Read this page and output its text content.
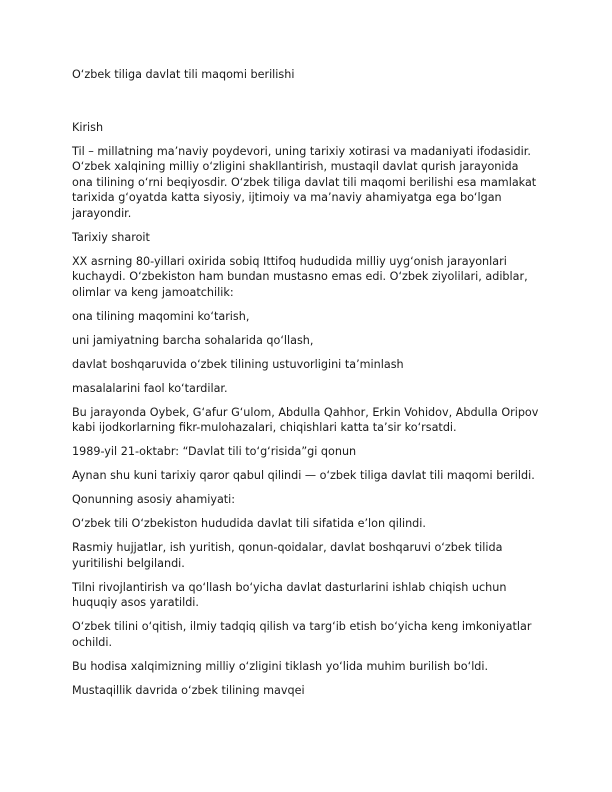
O‘zbek tiliga davlat tili maqomi berilishi

Kirish

Til – millatning ma’naviy poydevori, uning tarixiy xotirasi va madaniyati ifodasidir. O‘zbek xalqining milliy o‘zligini shakllantirish, mustaqil davlat qurish jarayonida ona tilining o‘rni beqiyosdir. O‘zbek tiliga davlat tili maqomi berilishi esa mamlakat tarixida g‘oyatda katta siyosiy, ijtimoiy va ma’naviy ahamiyatga ega bo‘lgan jarayondir.

Tarixiy sharoit

XX asrning 80-yillari oxirida sobiq Ittifoq hududida milliy uyg‘onish jarayonlari kuchaydi. O‘zbekiston ham bundan mustasno emas edi. O‘zbek ziyolilari, adiblar, olimlar va keng jamoatchilik:

ona tilining maqomini ko‘tarish,

uni jamiyatning barcha sohalarida qo‘llash,

davlat boshqaruvida o‘zbek tilining ustuvorligini ta’minlash

masalalarini faol ko‘tardilar.

Bu jarayonda Oybek, G‘afur G‘ulom, Abdulla Qahhor, Erkin Vohidov, Abdulla Oripov kabi ijodkorlarning fikr-mulohazalari, chiqishlari katta ta’sir ko‘rsatdi.

1989-yil 21-oktabr: “Davlat tili to‘g‘risida”gi qonun

Aynan shu kuni tarixiy qaror qabul qilindi — o‘zbek tiliga davlat tili maqomi berildi.

Qonunning asosiy ahamiyati:

O‘zbek tili O‘zbekiston hududida davlat tili sifatida e’lon qilindi.

Rasmiy hujjatlar, ish yuritish, qonun-qoidalar, davlat boshqaruvi o‘zbek tilida yuritilishi belgilandi.

Tilni rivojlantirish va qo‘llash bo‘yicha davlat dasturlarini ishlab chiqish uchun huquqiy asos yaratildi.

O‘zbek tilini o‘qitish, ilmiy tadqiq qilish va targ‘ib etish bo‘yicha keng imkoniyatlar ochildi.

Bu hodisa xalqimizning milliy o‘zligini tiklash yo‘lida muhim burilish bo‘ldi.

Mustaqillik davrida o‘zbek tilining mavqei
